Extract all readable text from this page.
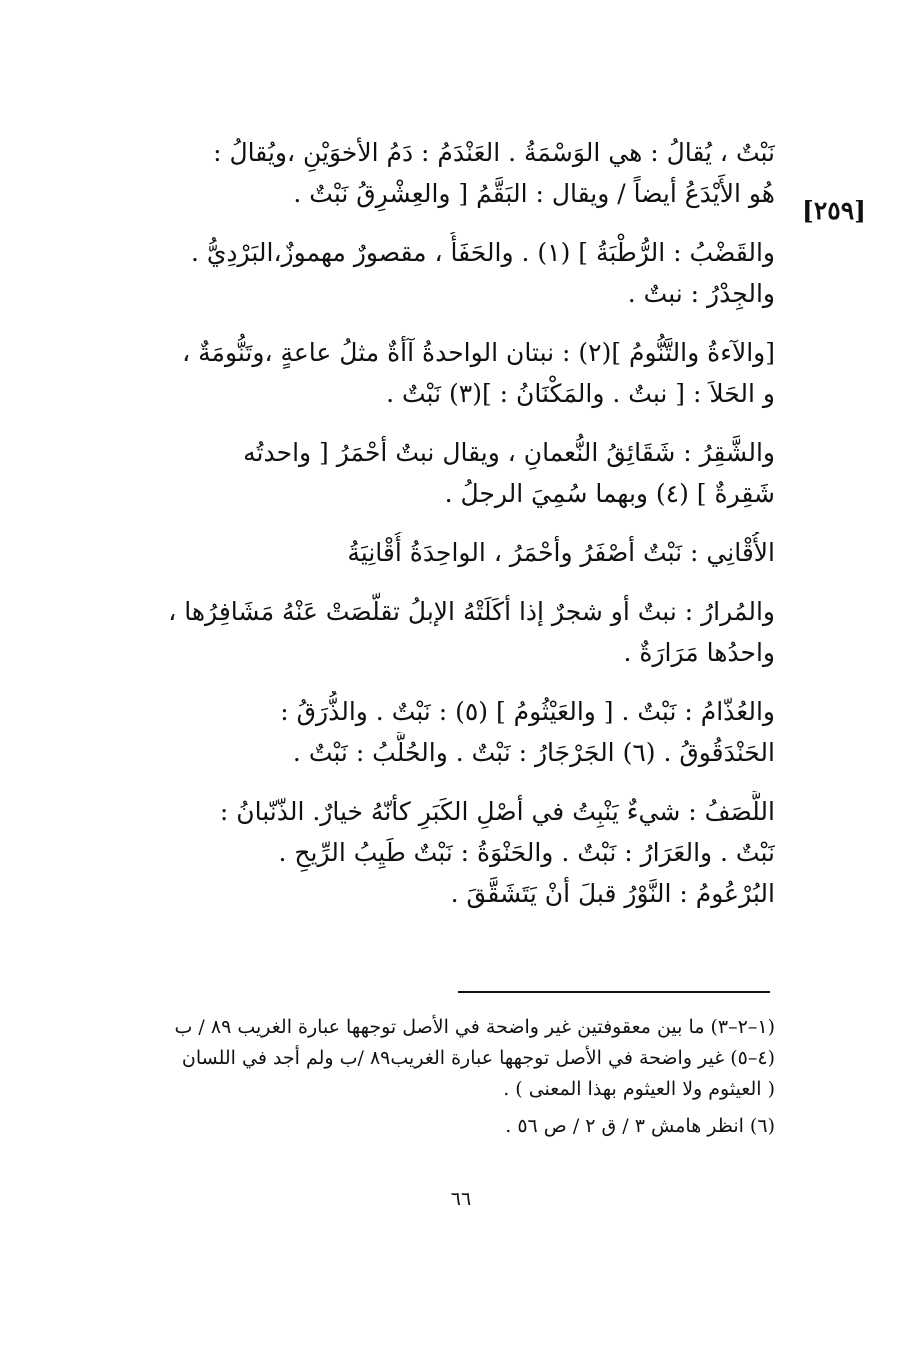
[٢٥٩]
نَبْتٌ ، يُقالُ : هي الوَسْمَةُ . العَنْدَمُ : دَمُ الأخوَيْنِ ،ويُقالُ :
هُو الأَيْدَعُ أيضاً / ويقال : البَقَّمُ [ والعِشْرِقُ نَبْتٌ .
والقَضْبُ : الرُّطْبَةُ ] (١) . والحَفَأُ ، مقصورٌ مهموزٌ،البَرْدِيُّ .
والجِدْرُ : نبتٌ .
[والآءةُ والتَّنُّومُ ](٢) : نبتان الواحدةُ آأةٌ مثلُ عاعةٍ ،وتَنُّومَةٌ ،
و الحَلاَ : [ نبتٌ . والمَكْنَانُ : ](٣) نَبْتٌ .
والشَّقِرُ : شَقَائِقُ النُّعمانِ ، ويقال نبتٌ أحْمَرُ [ واحدتُه
شَقِرةٌ ] (٤) وبهما سُمِيَ الرجلُ .
الأُقْانِي : نَبْتٌ أصْفَرُ وأحْمَرُ ، الواحِدَةُ أُقْانِيَةُ
والمُرارُ : نبتٌ أو شجرٌ إذا أكَلَتْهُ الإبلُ تقلّصَتْ عَنْهُ مَشَافِرُها ،
واحدُها مَرَارَةٌ .
والعُذّامُ : نَبْتٌ . [ والعَيْثُومُ ] (٥) : نَبْتٌ . والذُّرَقُ :
الحَنْدَقُوقُ . (٦) الجَرْجَارُ : نَبْتٌ . والحُلَّبُ : نَبْتٌ .
اللَّصَفُ : شيءٌ يَنْبِتُ في أصْلِ الكَبَرِ كأنّهُ خيارٌ. الذّنّبانُ :
نَبْتٌ . والعَرَارُ : نَبْتٌ . والحَنْوَةُ : نَبْتٌ طَيِبُ الرِّيحِ .
البُرْعُومُ : النَّوْرُ قبلَ أنْ يَتَشَقَّقَ .
(١–٢–٣) ما بين معقوفتين غير واضحة في الأصل توجهها عبارة الغريب ٨٩ / ب
(٤–٥) غير واضحة في الأصل توجهها عبارة الغريب٨٩ /ب ولم أجد في اللسان
( العيثوم ولا العيثوم بهذا المعنى ) .
(٦) انظر هامش ٣ / ق ٢ / ص ٥٦ .
٦٦
